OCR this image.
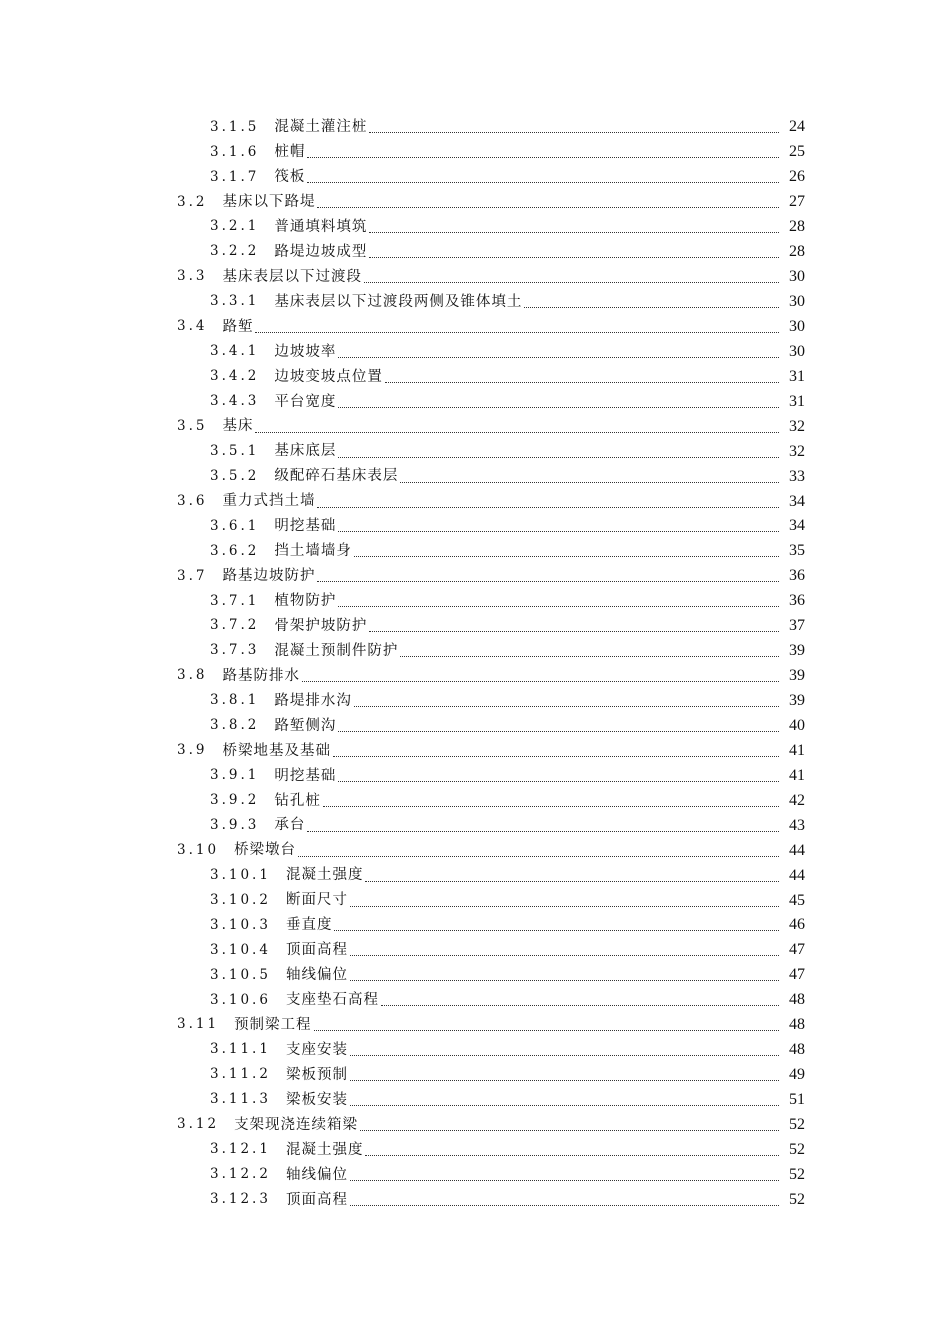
3.1.5 混凝土灌注桩	24
3.1.6 桩帽	25
3.1.7 筏板	26
3.2 基床以下路堤	27
3.2.1 普通填料填筑	28
3.2.2 路堤边坡成型	28
3.3 基床表层以下过渡段	30
3.3.1 基床表层以下过渡段两侧及锥体填土	30
3.4 路堑	30
3.4.1 边坡坡率	30
3.4.2 边坡变坡点位置	31
3.4.3 平台宽度	31
3.5 基床	32
3.5.1 基床底层	32
3.5.2 级配碎石基床表层	33
3.6 重力式挡土墙	34
3.6.1 明挖基础	34
3.6.2 挡土墙墙身	35
3.7 路基边坡防护	36
3.7.1 植物防护	36
3.7.2 骨架护坡防护	37
3.7.3 混凝土预制件防护	39
3.8 路基防排水	39
3.8.1 路堤排水沟	39
3.8.2 路堑侧沟	40
3.9 桥梁地基及基础	41
3.9.1 明挖基础	41
3.9.2 钻孔桩	42
3.9.3 承台	43
3.10 桥梁墩台	44
3.10.1 混凝土强度	44
3.10.2 断面尺寸	45
3.10.3 垂直度	46
3.10.4 顶面高程	47
3.10.5 轴线偏位	47
3.10.6 支座垫石高程	48
3.11 预制梁工程	48
3.11.1 支座安装	48
3.11.2 梁板预制	49
3.11.3 梁板安装	51
3.12 支架现浇连续箱梁	52
3.12.1 混凝土强度	52
3.12.2 轴线偏位	52
3.12.3 顶面高程	52
